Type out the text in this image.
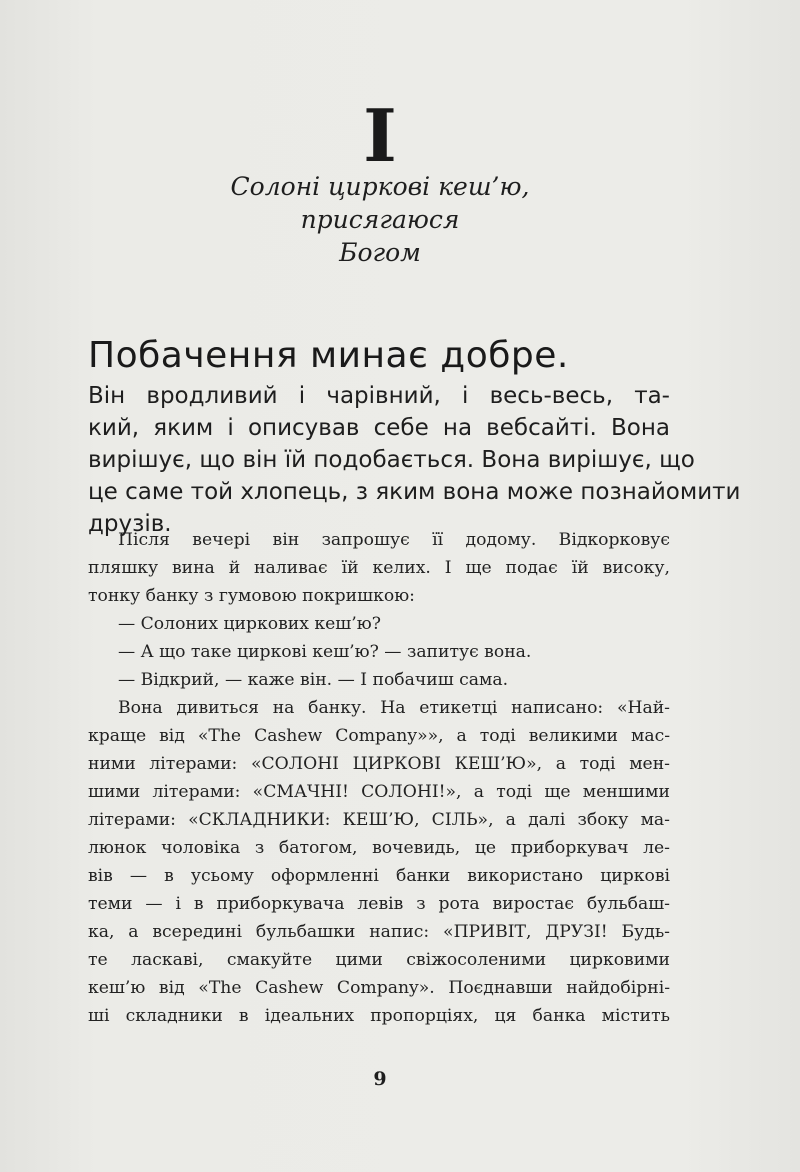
I
Солоні циркові кеш’ю,
присягаюся
Богом
Побачення минає добре.
Він вродливий і чарівний, і весь-весь, та-
кий, яким і описував себе на вебсайті. Вона
вирішує, що він їй подобається. Вона вирішує, що
це саме той хлопець, з яким вона може познайомити
друзів.
Після вечері він запрошує її додому. Відкорковує
пляшку вина й наливає їй келих. І ще подає їй високу,
тонку банку з гумовою покришкою:
— Солоних циркових кеш’ю?
— А що таке циркові кеш’ю? — запитує вона.
— Відкрий, — каже він. — І побачиш сама.
Вона дивиться на банку. На етикетці написано: «Най-
краще від «The Cashew Company»», а тоді великими мас-
ними літерами: «СОЛОНІ ЦИРКОВІ КЕШ’Ю», а тоді мен-
шими літерами: «СМАЧНІ! СОЛОНІ!», а тоді ще меншими
літерами: «СКЛАДНИКИ: КЕШ’Ю, СІЛЬ», а далі збоку ма-
люнок чоловіка з батогом, вочевидь, це приборкувач ле-
вів — в усьому оформленні банки використано циркові
теми — і в приборкувача левів з рота виростає бульбаш-
ка, а всередині бульбашки напис: «ПРИВІТ, ДРУЗІ! Будь-
те ласкаві, смакуйте цими свіжосоленими цирковими
кеш’ю від «The Cashew Company». Поєднавши найдобірні-
ші складники в ідеальних пропорціях, ця банка містить
9
